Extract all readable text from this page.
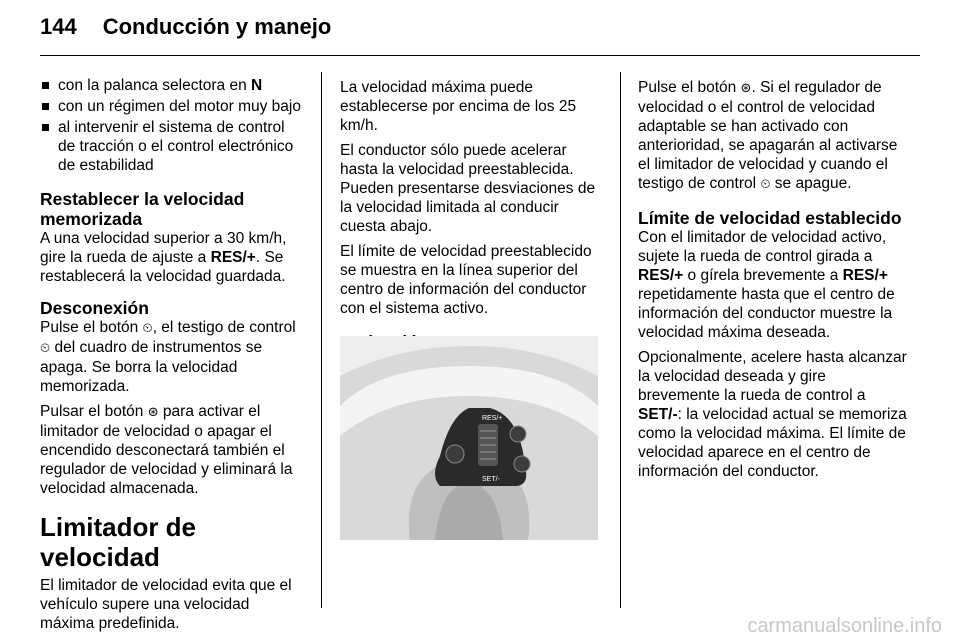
144 Conducción y manejo
con la palanca selectora en N
con un régimen del motor muy bajo
al intervenir el sistema de control de tracción o el control electrónico de estabilidad
Restablecer la velocidad memorizada

A una velocidad superior a 30 km/h, gire la rueda de ajuste a RES/+. Se restablecerá la velocidad guardada.

Desconexión

Pulse el botón ⏲, el testigo de control ⏲ del cuadro de instrumentos se apaga. Se borra la velocidad memorizada.

Pulsar el botón ⊛ para activar el limitador de velocidad o apagar el encendido desconectará también el regulador de velocidad y eliminará la velocidad almacenada.

Limitador de velocidad

El limitador de velocidad evita que el vehículo supere una velocidad máxima predefinida.

La velocidad máxima puede establecerse por encima de los 25 km/h.

El conductor sólo puede acelerar hasta la velocidad preestablecida. Pueden presentarse desviaciones de la velocidad limitada al conducir cuesta abajo.

El límite de velocidad preestablecido se muestra en la línea superior del centro de información del conductor con el sistema activo.

RES/+
SET/-

Pulse el botón ⊛. Si el regulador de velocidad o el control de velocidad adaptable se han activado con anterioridad, se apagarán al activarse el limitador de velocidad y cuando el testigo de control ⏲ se apague.

Límite de velocidad establecido

Con el limitador de velocidad activo, sujete la rueda de control girada a RES/+ o gírela brevemente a RES/+ repetidamente hasta que el centro de información del conductor muestre la velocidad máxima deseada.

Opcionalmente, acelere hasta alcanzar la velocidad deseada y gire brevemente la rueda de control a SET/-: la velocidad actual se memoriza como la velocidad máxima. El límite de velocidad aparece en el centro de información del conductor.

carmanualsonline.info
